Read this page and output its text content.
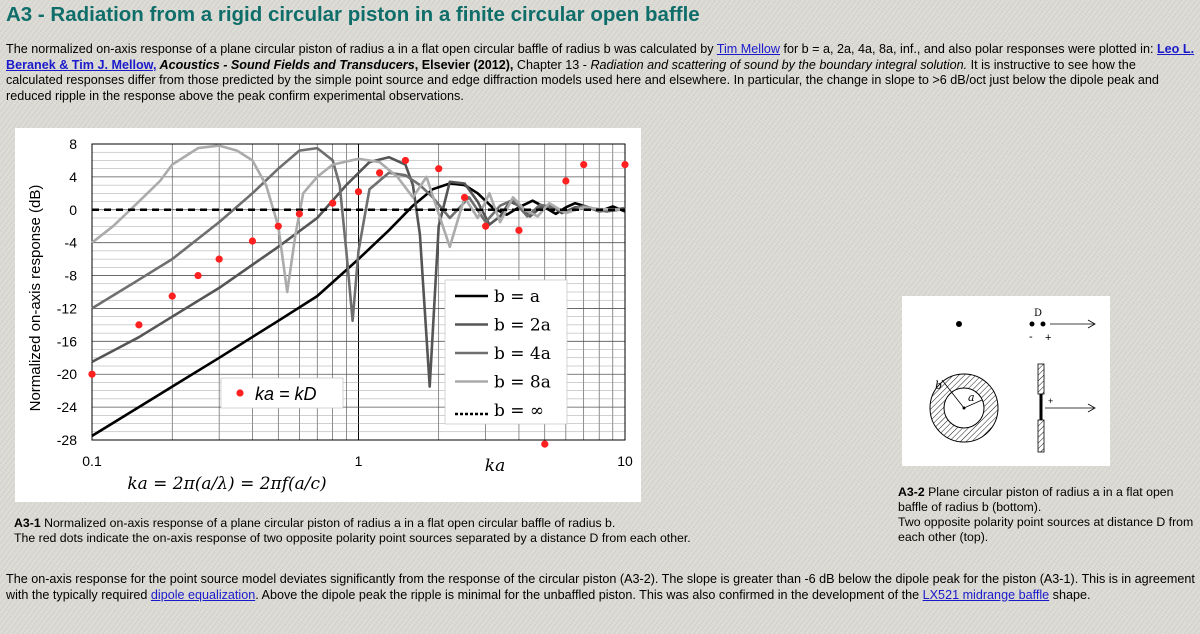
A3 - Radiation from a rigid circular piston in a finite circular open baffle
The normalized on-axis response of a plane circular piston of radius a in a flat open circular baffle of radius b was calculated by Tim Mellow for b = a, 2a, 4a, 8a, inf., and also polar responses were plotted in: Leo L. Beranek & Tim J. Mellow, Acoustics - Sound Fields and Transducers, Elsevier (2012), Chapter 13 - Radiation and scattering of sound by the boundary integral solution. It is instructive to see how the calculated responses differ from those predicted by the simple point source and edge diffraction models used here and elsewhere. In particular, the change in slope to >6 dB/oct just below the dipole peak and reduced ripple in the response above the peak confirm experimental observations.
8
4
0
-4
-8
-12
-16
-20
-24
-28
0.1	1	10
Normalized on-axis response (dB)
ka
ka = 2π(a/λ) = 2πf(a/c)
ka = kD
b = a
b = 2a
b = 4a
b = 8a
b = ∞
A3-1 Normalized on-axis response of a plane circular piston of radius a in a flat open circular baffle of radius b.
The red dots indicate the on-axis response of two opposite polarity point sources separated by a distance D from each other.
D
- +
a
b
+
A3-2 Plane circular piston of radius a in a flat open baffle of radius b (bottom).
Two opposite polarity point sources at distance D from each other (top).
The on-axis response for the point source model deviates significantly from the response of the circular piston (A3-2). The slope is greater than -6 dB below the dipole peak for the piston (A3-1). This is in agreement with the typically required dipole equalization. Above the dipole peak the ripple is minimal for the unbaffled piston. This was also confirmed in the development of the LX521 midrange baffle shape.
